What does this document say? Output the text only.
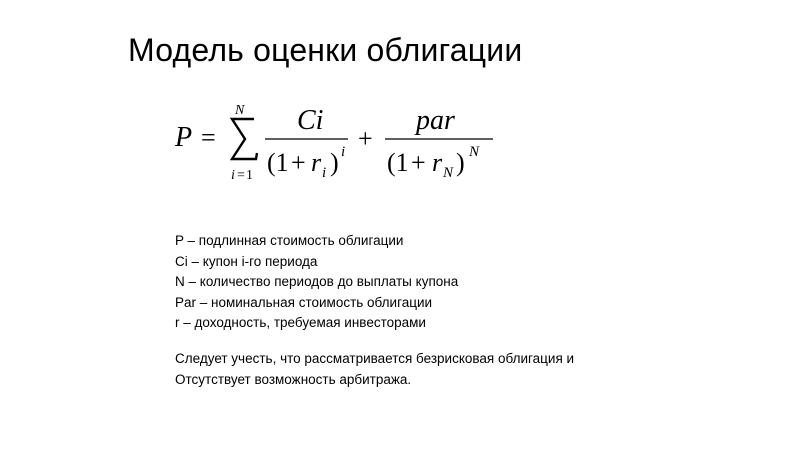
Модель оценки облигации
P =
N
i = 1
Ci
(1 + r i ) i +
par
(1 + r N ) N
P – подлинная стоимость облигации
Ci – купон i-го периода
N – количество периодов до выплаты купона
Par – номинальная стоимость облигации
r – доходность, требуемая инвесторами
Следует учесть, что рассматривается безрисковая облигация и
Отсутствует возможность арбитража.
